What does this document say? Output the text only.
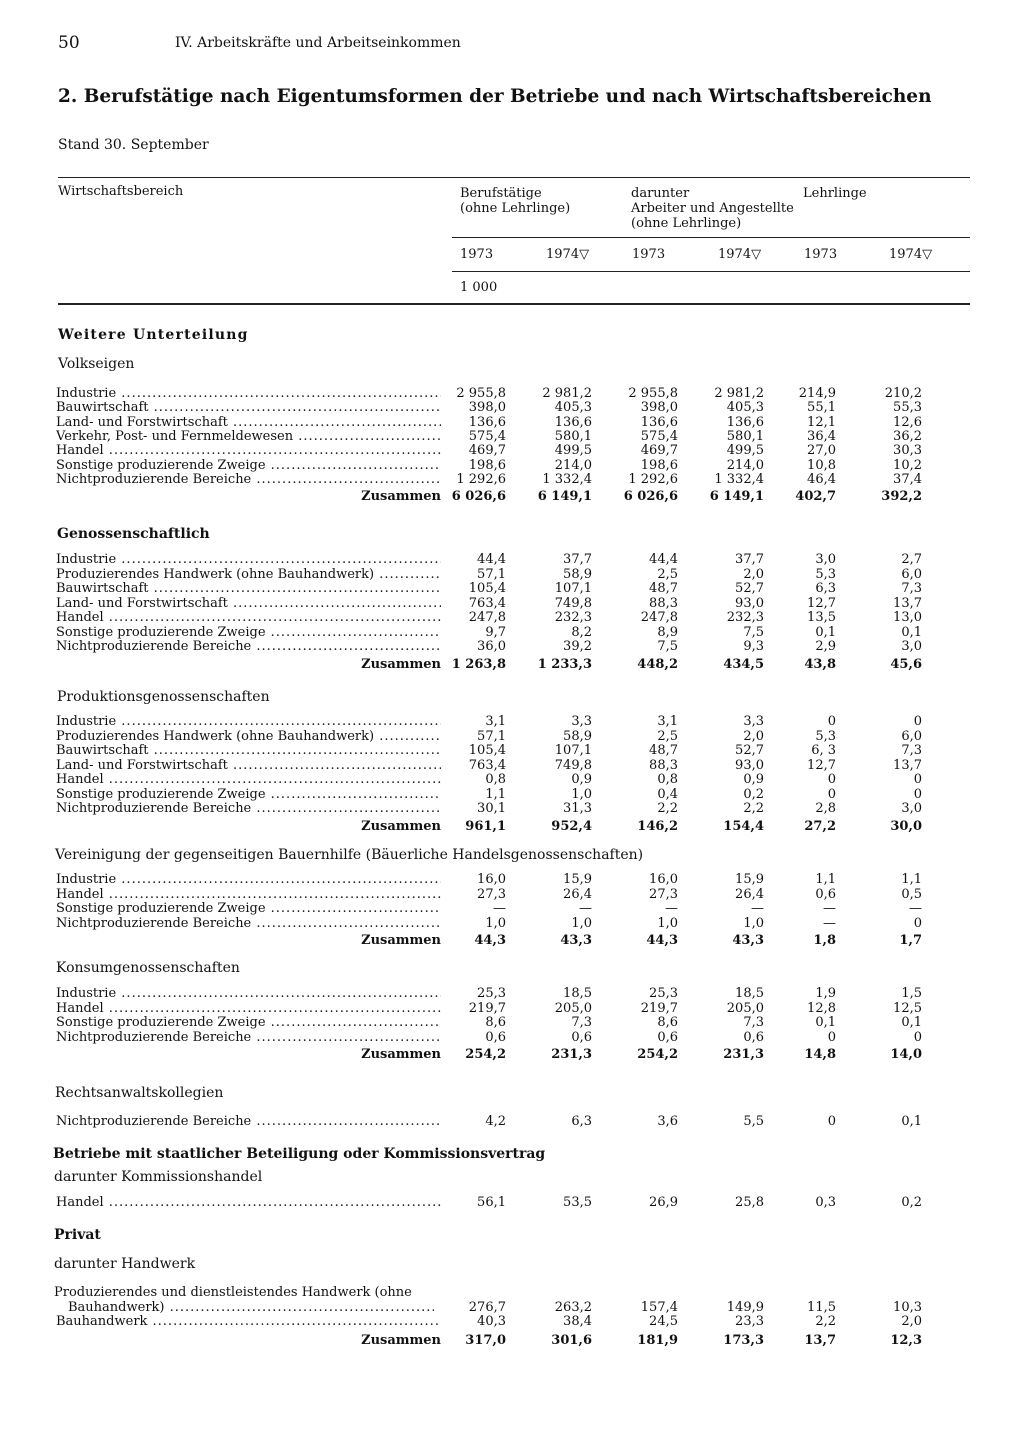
50	IV. Arbeitskräfte und Arbeitseinkommen
2. Berufstätige nach Eigentumsformen der Betriebe und nach Wirtschaftsbereichen
Stand 30. September
Wirtschaftsbereich	Berufstätige
(ohne Lehrlinge)
darunter
Arbeiter und Angestellte
(ohne Lehrlinge)
Lehrlinge
1973	1974▽	1973	1974▽	1973	1974▽
1 000
Weitere Unterteilung
Volkseigen
Genossenschaftlich
Produktionsgenossenschaften
Vereinigung der gegenseitigen Bauernhilfe (Bäuerliche Handelsgenossenschaften)
Konsumgenossenschaften
Rechtsanwaltskollegien
Betriebe mit staatlicher Beteiligung oder Kommissionsvertrag
darunter Kommissionshandel
Privat
darunter Handwerk
Industrie .....	2 955,8	2 981,2	2 955,8	2 981,2	214,9	210,2
Bauwirtschaft .....	398,0	405,3	398,0	405,3	55,1	55,3
Land- und Forstwirtschaft .....	136,6	136,6	136,6	136,6	12,1	12,6
Verkehr, Post- und Fernmeldewesen .....	575,4	580,1	575,4	580,1	36,4	36,2
Handel .....	469,7	499,5	469,7	499,5	27,0	30,3
Sonstige produzierende Zweige .....	198,6	214,0	198,6	214,0	10,8	10,2
Nichtproduzierende Bereiche .....	1 292,6	1 332,4	1 292,6	1 332,4	46,4	37,4
Zusammen 6 026,6	6 149,1	6 026,6	6 149,1	402,7	392,2
Industrie .....	44,4	37,7	44,4	37,7	3,0	2,7
Produzierendes Handwerk (ohne Bauhandwerk) .....	57,1	58,9	2,5	2,0	5,3	6,0
Bauwirtschaft .....	105,4	107,1	48,7	52,7	6,3	7,3
Land- und Forstwirtschaft .....	763,4	749,8	88,3	93,0	12,7	13,7
Handel .....	247,8	232,3	247,8	232,3	13,5	13,0
Sonstige produzierende Zweige .....	9,7	8,2	8,9	7,5	0,1	0,1
Nichtproduzierende Bereiche .....	36,0	39,2	7,5	9,3	2,9	3,0
Zusammen 1 263,8	1 233,3	448,2	434,5	43,8	45,6
Industrie .....	3,1	3,3	3,1	3,3	0	0
Produzierendes Handwerk (ohne Bauhandwerk) .....	57,1	58,9	2,5	2,0	5,3	6,0
Bauwirtschaft .....	105,4	107,1	48,7	52,7	6, 3	7,3
Land- und Forstwirtschaft .....	763,4	749,8	88,3	93,0	12,7	13,7
Handel .....	0,8	0,9	0,8	0,9	0	0
Sonstige produzierende Zweige .....	1,1	1,0	0,4	0,2	0	0
Nichtproduzierende Bereiche .....	30,1	31,3	2,2	2,2	2,8	3,0
Zusammen	961,1	952,4	146,2	154,4	27,2	30,0
Industrie .....	16,0	15,9	16,0	15,9	1,1	1,1
Handel .....	27,3	26,4	27,3	26,4	0,6	0,5
Sonstige produzierende Zweige .....	—	—	—	—	—	—
Nichtproduzierende Bereiche .....	1,0	1,0	1,0	1,0	—	0
Zusammen	44,3	43,3	44,3	43,3	1,8	1,7
Industrie .....	25,3	18,5	25,3	18,5	1,9	1,5
Handel .....	219,7	205,0	219,7	205,0	12,8	12,5
Sonstige produzierende Zweige .....	8,6	7,3	8,6	7,3	0,1	0,1
Nichtproduzierende Bereiche .....	0,6	0,6	0,6	0,6	0	0
Zusammen	254,2	231,3	254,2	231,3	14,8	14,0
Nichtproduzierende Bereiche .....	4,2	6,3	3,6	5,5	0	0,1
Handel .....	56,1	53,5	26,9	25,8	0,3	0,2
Produzierendes und dienstleistendes Handwerk (ohne
Bauhandwerk) .....	276,7	263,2	157,4	149,9	11,5	10,3
Bauhandwerk .....	40,3	38,4	24,5	23,3	2,2	2,0
Zusammen	317,0	301,6	181,9	173,3	13,7	12,3
